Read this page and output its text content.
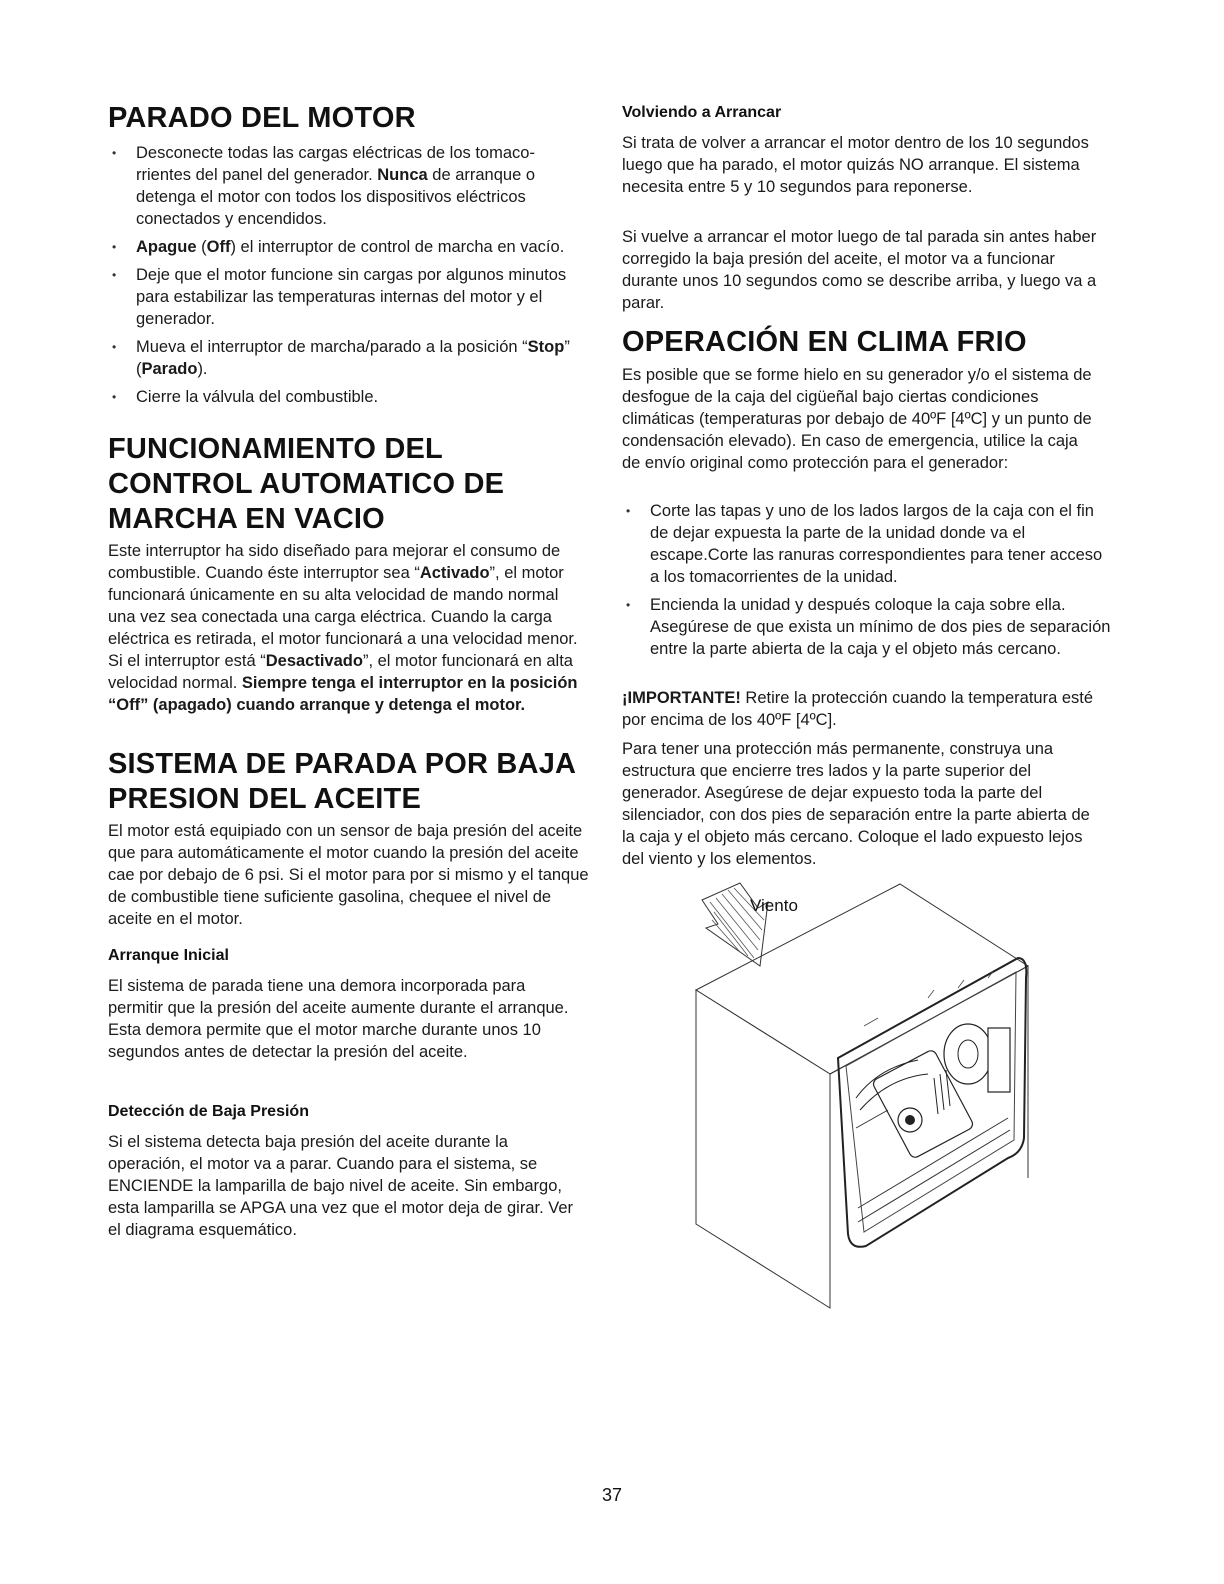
PARADO DEL MOTOR
• Desconecte todas las cargas eléctricas de los tomaco-rrientes del panel del generador. Nunca de arranque o detenga el motor con todos los dispositivos eléctricos conectados y encendidos.
• Apague (Off) el interruptor de control de marcha en vacío.
• Deje que el motor funcione sin cargas por algunos minutos para estabilizar las temperaturas internas del motor y el generador.
• Mueva el interruptor de marcha/parado a la posición “Stop” (Parado).
• Cierre la válvula del combustible.
FUNCIONAMIENTO DEL CONTROL AUTOMATICO DE MARCHA EN VACIO

Este interruptor ha sido diseñado para mejorar el consumo de combustible. Cuando éste interruptor sea “Activado”, el motor funcionará únicamente en su alta velocidad de mando normal una vez sea conectada una carga eléctrica. Cuando la carga eléctrica es retirada, el motor funcionará a una velocidad menor. Si el interruptor está “Desactivado”, el motor funcionará en alta velocidad normal. Siempre tenga el interruptor en la posición “Off” (apagado) cuando arranque y detenga el motor.

SISTEMA DE PARADA POR BAJA PRESION DEL ACEITE

El motor está equipiado con un sensor de baja presión del aceite que para automáticamente el motor cuando la presión del aceite cae por debajo de 6 psi. Si el motor para por si mismo y el tanque de combustible tiene suficiente gasolina, chequee el nivel de aceite en el motor.

Arranque Inicial

El sistema de parada tiene una demora incorporada para permitir que la presión del aceite aumente durante el arranque. Esta demora permite que el motor marche durante unos 10 segundos antes de detectar la presión del aceite.

Detección de Baja Presión

Si el sistema detecta baja presión del aceite durante la operación, el motor va a parar. Cuando para el sistema, se ENCIENDE la lamparilla de bajo nivel de aceite. Sin embargo, esta lamparilla se APGA una vez que el motor deja de girar. Ver el diagrama esquemático.

Volviendo a Arrancar

Si trata de volver a arrancar el motor dentro de los 10 segundos luego que ha parado, el motor quizás NO arranque. El sistema necesita entre 5 y 10 segundos para reponerse.

Si vuelve a arrancar el motor luego de tal parada sin antes haber corregido la baja presión del aceite, el motor va a funcionar durante unos 10 segundos como se describe arriba, y luego va a parar.

OPERACIÓN EN CLIMA FRIO

Es posible que se forme hielo en su generador y/o el sistema de desfogue de la caja del cigüeñal bajo ciertas condiciones climáticas (temperaturas por debajo de 40ºF [4ºC] y un punto de condensación elevado). En caso de emergencia, utilice la caja de envío original como protección para el generador:

• Corte las tapas y uno de los lados largos de la caja con el fin de dejar expuesta la parte de la unidad donde va el escape.Corte las ranuras correspondientes para tener acceso a los tomacorrientes de la unidad.
• Encienda la unidad y después coloque la caja sobre ella. Asegúrese de que exista un mínimo de dos pies de separación entre la parte abierta de la caja y el objeto más cercano.

¡IMPORTANTE! Retire la protección cuando la temperatura esté por encima de los 40ºF [4ºC].

Para tener una protección más permanente, construya una estructura que encierre tres lados y la parte superior del generador. Asegúrese de dejar expuesto toda la parte del silenciador, con dos pies de separación entre la parte abierta de la caja y el objeto más cercano. Coloque el lado expuesto lejos del viento y los elementos.

Viento
37
